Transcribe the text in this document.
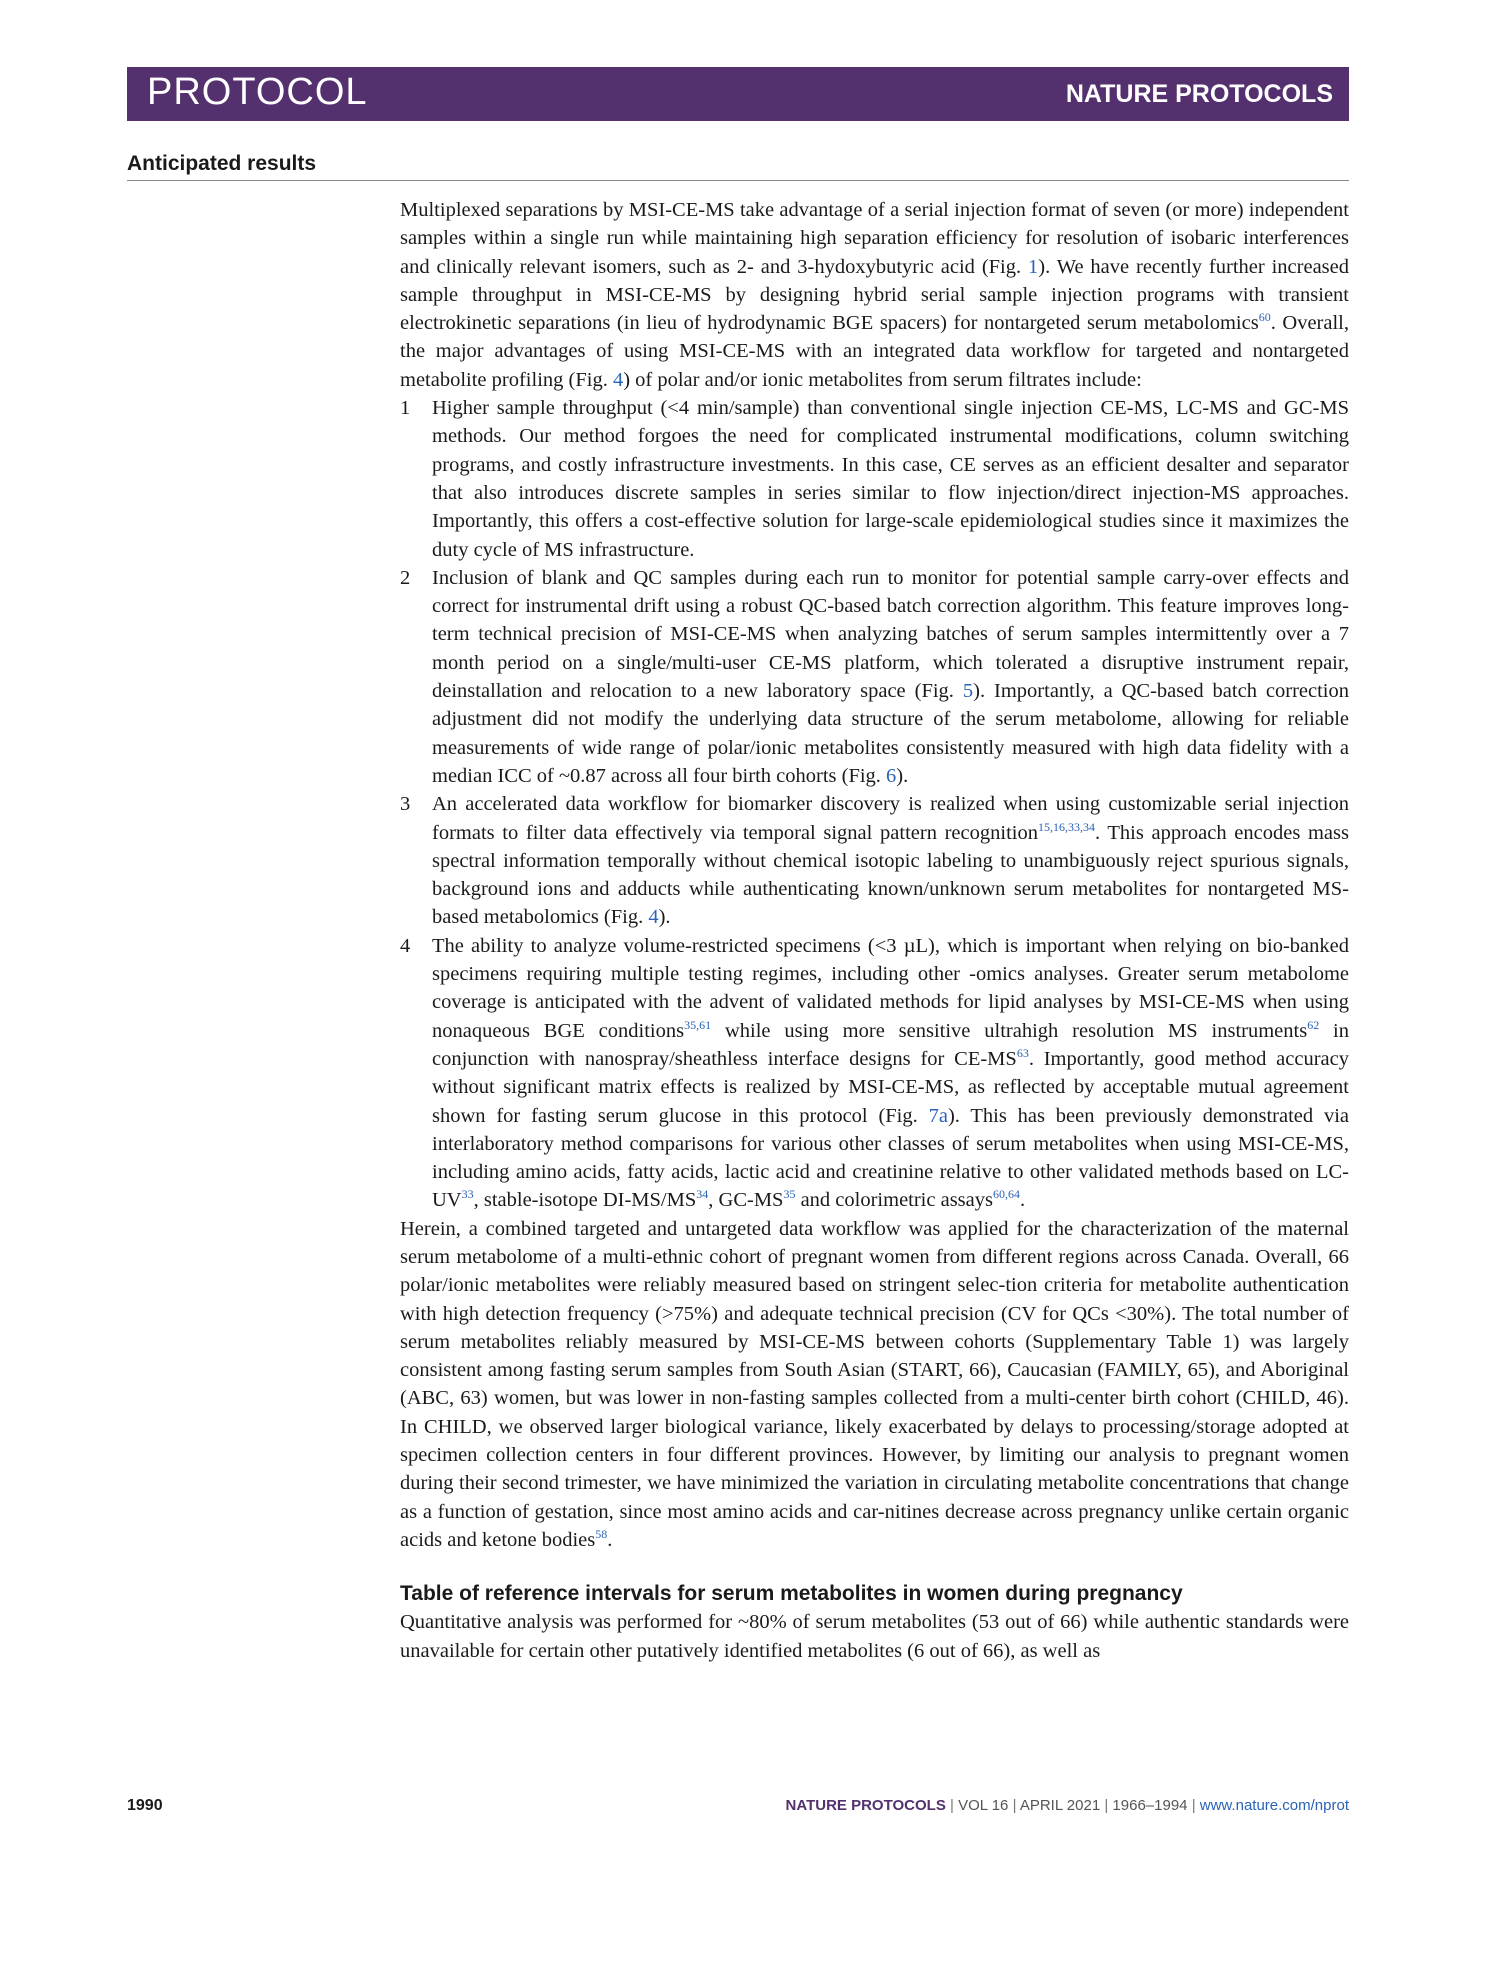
PROTOCOL	NATURE PROTOCOLS
Anticipated results

Multiplexed separations by MSI-CE-MS take advantage of a serial injection format of seven (or more) independent samples within a single run while maintaining high separation efficiency for resolution of isobaric interferences and clinically relevant isomers, such as 2- and 3-hydoxybutyric acid (Fig. 1). We have recently further increased sample throughput in MSI-CE-MS by designing hybrid serial sample injection programs with transient electrokinetic separations (in lieu of hydrodynamic BGE spacers) for nontargeted serum metabolomics$^{60}$. Overall, the major advantages of using MSI-CE-MS with an integrated data workflow for targeted and nontargeted metabolite profiling (Fig. 4) of polar and/or ionic metabolites from serum filtrates include:

1 Higher sample throughput (<4 min/sample) than conventional single injection CE-MS, LC-MS and GC-MS methods. Our method forgoes the need for complicated instrumental modifications, column switching programs, and costly infrastructure investments. In this case, CE serves as an efficient desalter and separator that also introduces discrete samples in series similar to flow injection/direct injection-MS approaches. Importantly, this offers a cost-effective solution for large-scale epidemiological studies since it maximizes the duty cycle of MS infrastructure.
2 Inclusion of blank and QC samples during each run to monitor for potential sample carry-over effects and correct for instrumental drift using a robust QC-based batch correction algorithm. This feature improves long-term technical precision of MSI-CE-MS when analyzing batches of serum samples intermittently over a 7 month period on a single/multi-user CE-MS platform, which tolerated a disruptive instrument repair, deinstallation and relocation to a new laboratory space (Fig. 5). Importantly, a QC-based batch correction adjustment did not modify the underlying data structure of the serum metabolome, allowing for reliable measurements of wide range of polar/ionic metabolites consistently measured with high data fidelity with a median ICC of ~0.87 across all four birth cohorts (Fig. 6).
3 An accelerated data workflow for biomarker discovery is realized when using customizable serial injection formats to filter data effectively via temporal signal pattern recognition$^{15,16,33,34}$. This approach encodes mass spectral information temporally without chemical isotopic labeling to unambiguously reject spurious signals, background ions and adducts while authenticating known/unknown serum metabolites for nontargeted MS-based metabolomics (Fig. 4).
4 The ability to analyze volume-restricted specimens (<3 µL), which is important when relying on bio-banked specimens requiring multiple testing regimes, including other -omics analyses. Greater serum metabolome coverage is anticipated with the advent of validated methods for lipid analyses by MSI-CE-MS when using nonaqueous BGE conditions$^{35,61}$ while using more sensitive ultrahigh resolution MS instruments$^{62}$ in conjunction with nanospray/sheathless interface designs for CE-MS$^{63}$. Importantly, good method accuracy without significant matrix effects is realized by MSI-CE-MS, as reflected by acceptable mutual agreement shown for fasting serum glucose in this protocol (Fig. 7a). This has been previously demonstrated via interlaboratory method comparisons for various other classes of serum metabolites when using MSI-CE-MS, including amino acids, fatty acids, lactic acid and creatinine relative to other validated methods based on LC-UV$^{33}$, stable-isotope DI-MS/MS$^{34}$, GC-MS$^{35}$ and colorimetric assays$^{60,64}$.

Herein, a combined targeted and untargeted data workflow was applied for the characterization of the maternal serum metabolome of a multi-ethnic cohort of pregnant women from different regions across Canada. Overall, 66 polar/ionic metabolites were reliably measured based on stringent selec-tion criteria for metabolite authentication with high detection frequency (>75%) and adequate technical precision (CV for QCs <30%). The total number of serum metabolites reliably measured by MSI-CE-MS between cohorts (Supplementary Table 1) was largely consistent among fasting serum samples from South Asian (START, 66), Caucasian (FAMILY, 65), and Aboriginal (ABC, 63) women, but was lower in non-fasting samples collected from a multi-center birth cohort (CHILD, 46). In CHILD, we observed larger biological variance, likely exacerbated by delays to processing/storage adopted at specimen collection centers in four different provinces. However, by limiting our analysis to pregnant women during their second trimester, we have minimized the variation in circulating metabolite concentrations that change as a function of gestation, since most amino acids and car-nitines decrease across pregnancy unlike certain organic acids and ketone bodies$^{58}$.

Table of reference intervals for serum metabolites in women during pregnancy

Quantitative analysis was performed for ~80% of serum metabolites (53 out of 66) while authentic standards were unavailable for certain other putatively identified metabolites (6 out of 66), as well as

1990	NATURE PROTOCOLS | VOL 16 | APRIL 2021 | 1966–1994 | www.nature.com/nprot
